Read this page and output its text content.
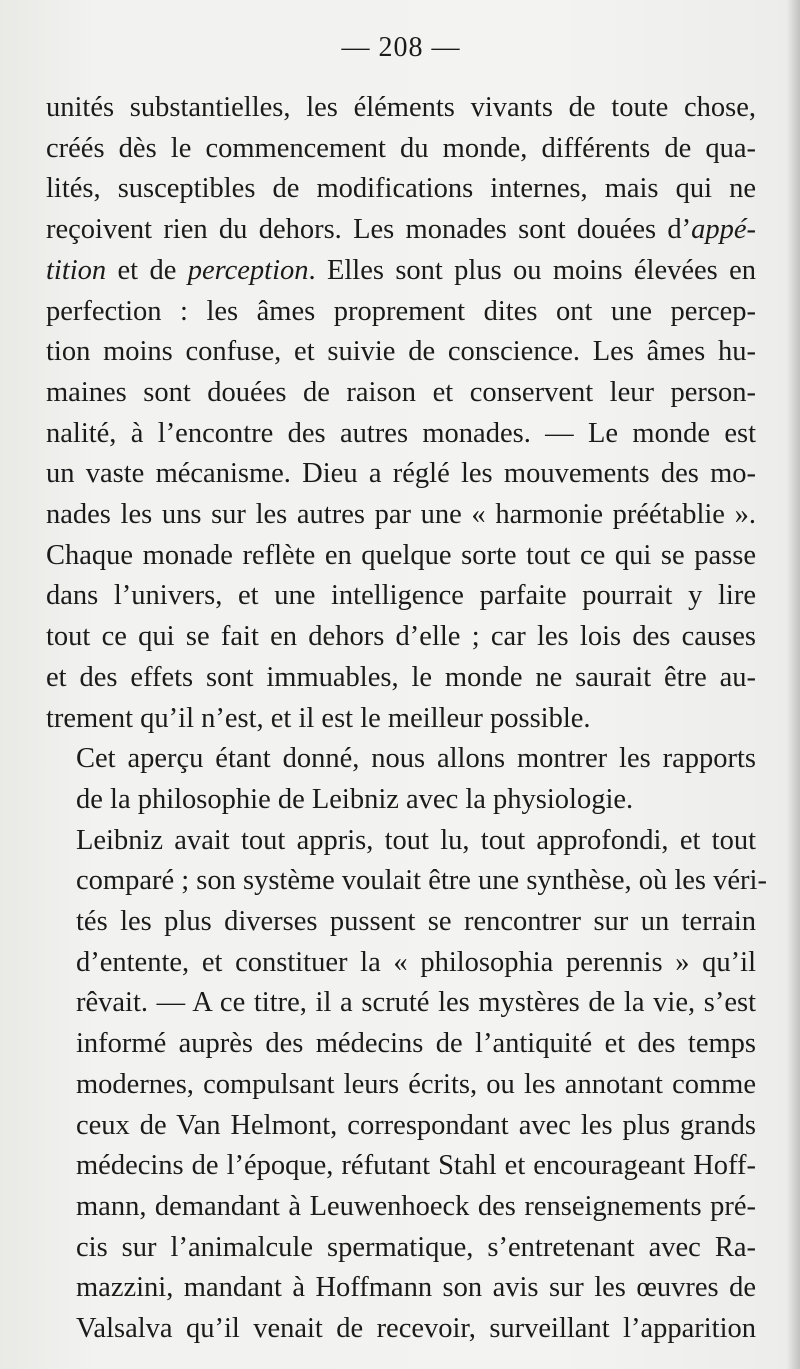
— 208 —

unités substantielles, les éléments vivants de toute chose,
créés dès le commencement du monde, différents de qua-
lités, susceptibles de modifications internes, mais qui ne
reçoivent rien du dehors. Les monades sont douées d’appé-
tition et de perception. Elles sont plus ou moins élevées en
perfection : les âmes proprement dites ont une percep-
tion moins confuse, et suivie de conscience. Les âmes hu-
maines sont douées de raison et conservent leur person-
nalité, à l’encontre des autres monades. — Le monde est
un vaste mécanisme. Dieu a réglé les mouvements des mo-
nades les uns sur les autres par une « harmonie préétablie ».
Chaque monade reflète en quelque sorte tout ce qui se passe
dans l’univers, et une intelligence parfaite pourrait y lire
tout ce qui se fait en dehors d’elle ; car les lois des causes
et des effets sont immuables, le monde ne saurait être au-
trement qu’il n’est, et il est le meilleur possible.

Cet aperçu étant donné, nous allons montrer les rapports
de la philosophie de Leibniz avec la physiologie.

Leibniz avait tout appris, tout lu, tout approfondi, et tout
comparé ; son système voulait être une synthèse, où les véri-
tés les plus diverses pussent se rencontrer sur un terrain
d’entente, et constituer la « philosophia perennis » qu’il
rêvait. — A ce titre, il a scruté les mystères de la vie, s’est
informé auprès des médecins de l’antiquité et des temps
modernes, compulsant leurs écrits, ou les annotant comme
ceux de Van Helmont, correspondant avec les plus grands
médecins de l’époque, réfutant Stahl et encourageant Hoff-
mann, demandant à Leuwenhoeck des renseignements pré-
cis sur l’animalcule spermatique, s’entretenant avec Ra-
mazzini, mandant à Hoffmann son avis sur les œuvres de
Valsalva qu’il venait de recevoir, surveillant l’apparition
